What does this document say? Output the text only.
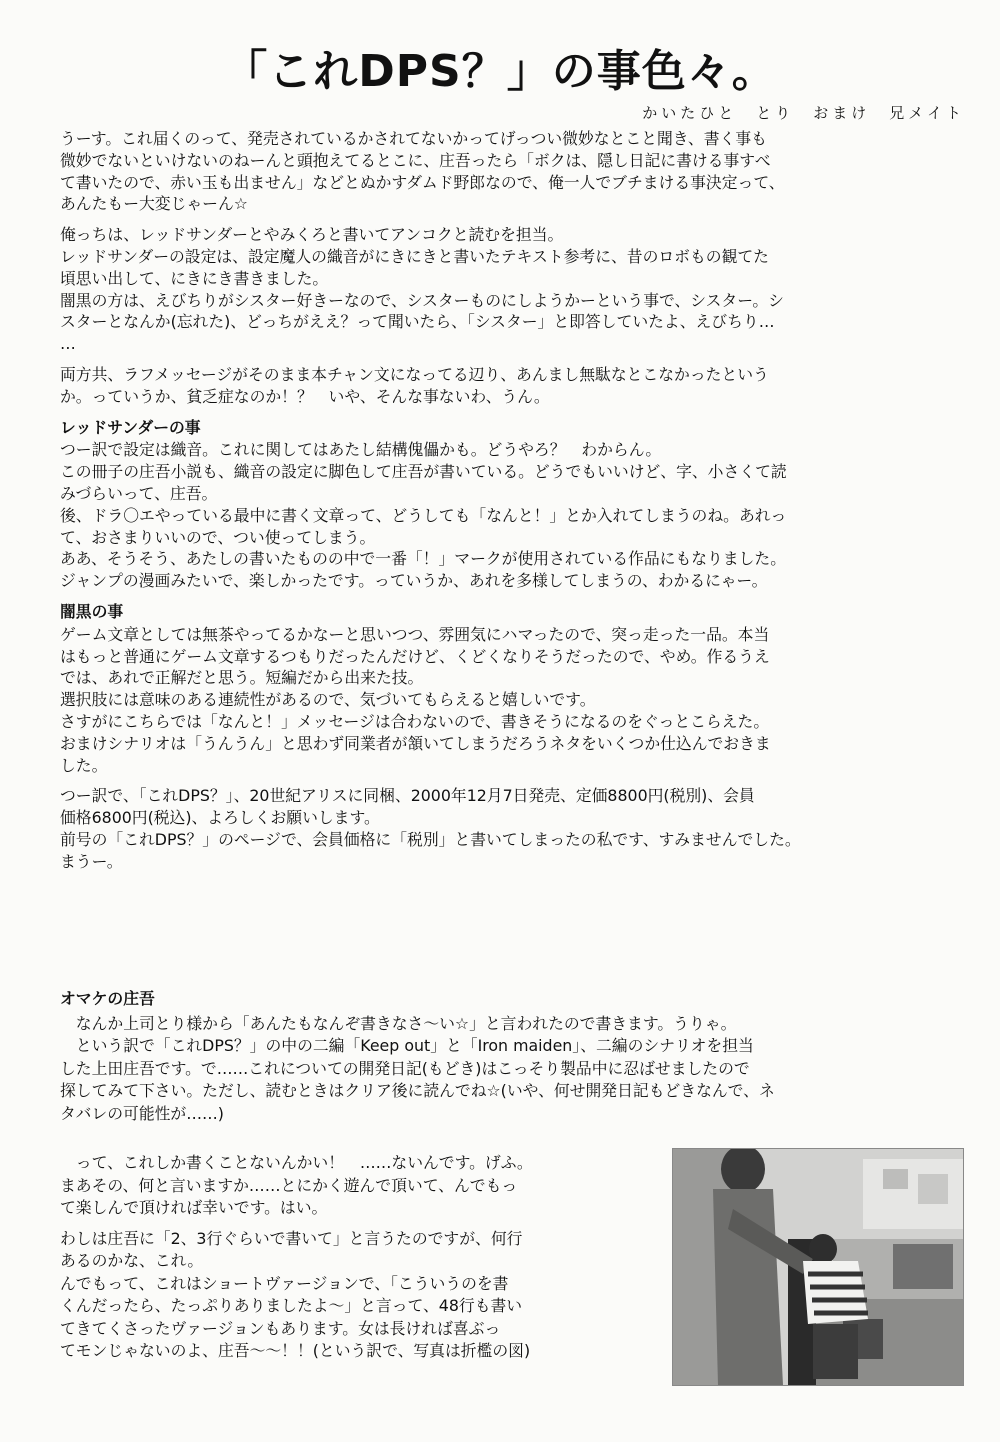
「これDPS？」の事色々。
かいたひと　とり　おまけ　兄メイト

うーす。これ届くのって、発売されているかされてないかってげっつい微妙なとこと聞き、書く事も
微妙でないといけないのねーんと頭抱えてるとこに、庄吾ったら「ボクは、隠し日記に書ける事すべ
て書いたので、赤い玉も出ません」などとぬかすダムド野郎なので、俺一人でブチまける事決定って、
あんたもー大変じゃーん☆

俺っちは、レッドサンダーとやみくろと書いてアンコクと読むを担当。
レッドサンダーの設定は、設定魔人の織音がにきにきと書いたテキスト参考に、昔のロボもの観てた
頃思い出して、にきにき書きました。
闇黒の方は、えびちりがシスター好きーなので、シスターものにしようかーという事で、シスター。シ
スターとなんか(忘れた)、どっちがええ？って聞いたら、「シスター」と即答していたよ、えびちり…
…

両方共、ラフメッセージがそのまま本チャン文になってる辺り、あんまし無駄なとこなかったという
か。っていうか、貧乏症なのか！？　いや、そんな事ないわ、うん。

レッドサンダーの事

つー訳で設定は織音。これに関してはあたし結構傀儡かも。どうやろ？　わからん。
この冊子の庄吾小説も、織音の設定に脚色して庄吾が書いている。どうでもいいけど、字、小さくて読
みづらいって、庄吾。
後、ドラ〇エやっている最中に書く文章って、どうしても「なんと！」とか入れてしまうのね。あれっ
て、おさまりいいので、つい使ってしまう。
ああ、そうそう、あたしの書いたものの中で一番「！」マークが使用されている作品にもなりました。
ジャンプの漫画みたいで、楽しかったです。っていうか、あれを多様してしまうの、わかるにゃー。

闇黒の事

ゲーム文章としては無茶やってるかなーと思いつつ、雰囲気にハマったので、突っ走った一品。本当
はもっと普通にゲーム文章するつもりだったんだけど、くどくなりそうだったので、やめ。作るうえ
では、あれで正解だと思う。短編だから出来た技。
選択肢には意味のある連続性があるので、気づいてもらえると嬉しいです。
さすがにこちらでは「なんと！」メッセージは合わないので、書きそうになるのをぐっとこらえた。
おまけシナリオは「うんうん」と思わず同業者が頷いてしまうだろうネタをいくつか仕込んでおきま
した。

つー訳で、「これDPS？」、20世紀アリスに同梱、2000年12月7日発売、定価8800円(税別)、会員
価格6800円(税込)、よろしくお願いします。
前号の「これDPS？」のページで、会員価格に「税別」と書いてしまったの私です、すみませんでした。
まうー。

オマケの庄吾

なんか上司とり様から「あんたもなんぞ書きなさ～い☆」と言われたので書きます。うりゃ。
という訳で「これDPS？」の中の二編「Keep out」と「Iron maiden」、二編のシナリオを担当
した上田庄吾です。で……これについての開発日記(もどき)はこっそり製品中に忍ばせましたので
探してみて下さい。ただし、読むときはクリア後に読んでね☆(いや、何せ開発日記もどきなんで、ネ
タバレの可能性が……)

って、これしか書くことないんかい！　……ないんです。げふ。
まあその、何と言いますか……とにかく遊んで頂いて、んでもっ
て楽しんで頂ければ幸いです。はい。

わしは庄吾に「2、3行ぐらいで書いて」と言うたのですが、何行
あるのかな、これ。
んでもって、これはショートヴァージョンで、「こういうのを書
くんだったら、たっぷりありましたよ～」と言って、48行も書い
てきてくさったヴァージョンもあります。女は長ければ喜ぶっ
てモンじゃないのよ、庄吾～～！！(という訳で、写真は折檻の図)
